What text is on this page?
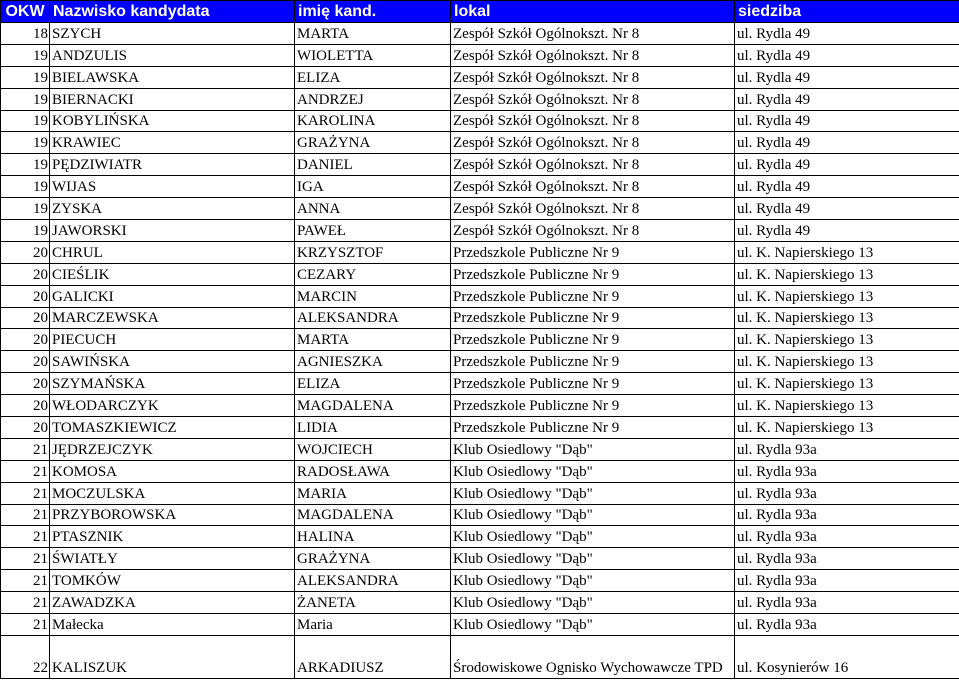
OKW	Nazwisko kandydata	imię kand.	lokal	siedziba
18	SZYCH	MARTA	Zespół Szkół Ogólnokszt. Nr 8	ul. Rydla 49
19	ANDZULIS	WIOLETTA	Zespół Szkół Ogólnokszt. Nr 8	ul. Rydla 49
19	BIELAWSKA	ELIZA	Zespół Szkół Ogólnokszt. Nr 8	ul. Rydla 49
19	BIERNACKI	ANDRZEJ	Zespół Szkół Ogólnokszt. Nr 8	ul. Rydla 49
19	KOBYLIŃSKA	KAROLINA	Zespół Szkół Ogólnokszt. Nr 8	ul. Rydla 49
19	KRAWIEC	GRAŻYNA	Zespół Szkół Ogólnokszt. Nr 8	ul. Rydla 49
19	PĘDZIWIATR	DANIEL	Zespół Szkół Ogólnokszt. Nr 8	ul. Rydla 49
19	WIJAS	IGA	Zespół Szkół Ogólnokszt. Nr 8	ul. Rydla 49
19	ZYSKA	ANNA	Zespół Szkół Ogólnokszt. Nr 8	ul. Rydla 49
19	JAWORSKI	PAWEŁ	Zespół Szkół Ogólnokszt. Nr 8	ul. Rydla 49
20	CHRUL	KRZYSZTOF	Przedszkole Publiczne Nr 9	ul. K. Napierskiego 13
20	CIEŚLIK	CEZARY	Przedszkole Publiczne Nr 9	ul. K. Napierskiego 13
20	GALICKI	MARCIN	Przedszkole Publiczne Nr 9	ul. K. Napierskiego 13
20	MARCZEWSKA	ALEKSANDRA	Przedszkole Publiczne Nr 9	ul. K. Napierskiego 13
20	PIECUCH	MARTA	Przedszkole Publiczne Nr 9	ul. K. Napierskiego 13
20	SAWIŃSKA	AGNIESZKA	Przedszkole Publiczne Nr 9	ul. K. Napierskiego 13
20	SZYMAŃSKA	ELIZA	Przedszkole Publiczne Nr 9	ul. K. Napierskiego 13
20	WŁODARCZYK	MAGDALENA	Przedszkole Publiczne Nr 9	ul. K. Napierskiego 13
20	TOMASZKIEWICZ	LIDIA	Przedszkole Publiczne Nr 9	ul. K. Napierskiego 13
21	JĘDRZEJCZYK	WOJCIECH	Klub Osiedlowy "Dąb"	ul. Rydla 93a
21	KOMOSA	RADOSŁAWA	Klub Osiedlowy "Dąb"	ul. Rydla 93a
21	MOCZULSKA	MARIA	Klub Osiedlowy "Dąb"	ul. Rydla 93a
21	PRZYBOROWSKA	MAGDALENA	Klub Osiedlowy "Dąb"	ul. Rydla 93a
21	PTASZNIK	HALINA	Klub Osiedlowy "Dąb"	ul. Rydla 93a
21	ŚWIATŁY	GRAŻYNA	Klub Osiedlowy "Dąb"	ul. Rydla 93a
21	TOMKÓW	ALEKSANDRA	Klub Osiedlowy "Dąb"	ul. Rydla 93a
21	ZAWADZKA	ŻANETA	Klub Osiedlowy "Dąb"	ul. Rydla 93a
21	Małecka	Maria	Klub Osiedlowy "Dąb"	ul. Rydla 93a
22	KALISZUK	ARKADIUSZ	Środowiskowe Ognisko Wychowawcze TPD	ul. Kosynierów 16
